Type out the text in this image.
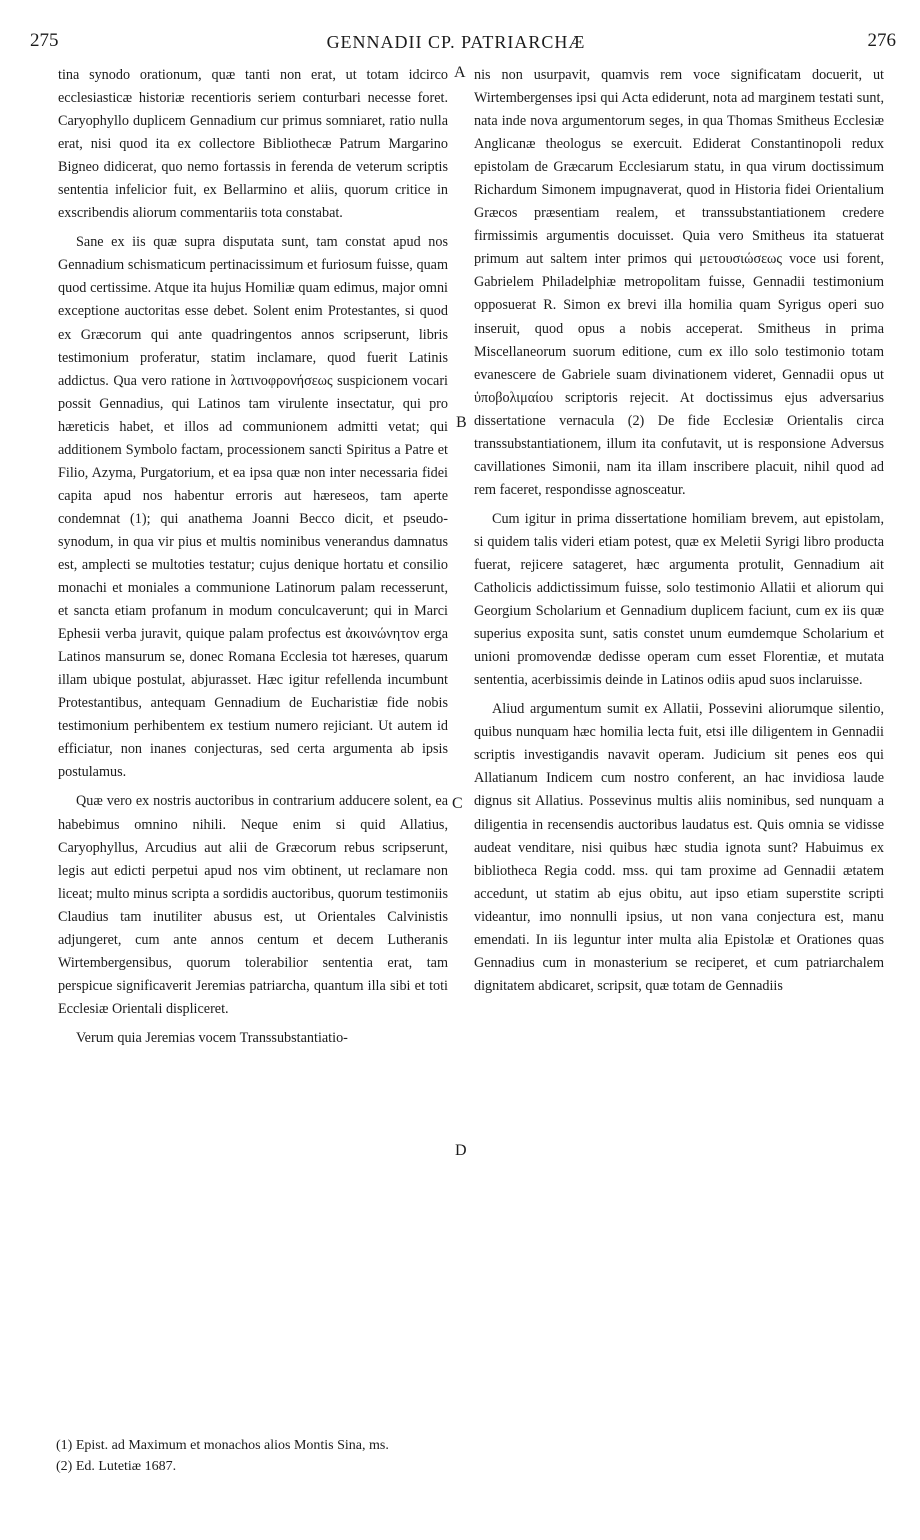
275	GENNADII CP. PATRIARCHÆ	276

tina synodo orationum, quæ tanti non erat, ut totam idcirco ecclesiasticæ historiæ recentioris seriem conturbari necesse foret. Caryophyllo duplicem Gennadium cur primus somniaret, ratio nulla erat, nisi quod ita ex collectore Bibliothecæ Patrum Margarino Bigneo didicerat, quo nemo fortassis in ferenda de veterum scriptis sententia infelicior fuit, ex Bellarmino et aliis, quorum critice in exscribendis aliorum commentariis tota constabat.

Sane ex iis quæ supra disputata sunt, tam constat apud nos Gennadium schismaticum pertinacissimum et furiosum fuisse, quam quod certissime. Atque ita hujus Homiliæ quam edimus, major omni exceptione auctoritas esse debet. Solent enim Protestantes, si quod ex Græcorum qui ante quadringentos annos scripserunt, libris testimonium proferatur, statim inclamare, quod fuerit Latinis addictus. Qua vero ratione in λατινοφρονήσεως suspicionem vocari possit Gennadius, qui Latinos tam virulente insectatur, qui pro hæreticis habet, et illos ad communionem admitti vetat; qui additionem Symbolo factam, processionem sancti Spiritus a Patre et Filio, Azyma, Purgatorium, et ea ipsa quæ non inter necessaria fidei capita apud nos habentur erroris aut hæreseos, tam aperte condemnat (1); qui anathema Joanni Becco dicit, et pseudo-synodum, in qua vir pius et multis nominibus venerandus damnatus est, amplecti se multoties testatur; cujus denique hortatu et consilio monachi et moniales a communione Latinorum palam recesserunt, et sancta etiam profanum in modum conculcaverunt; qui in Marci Ephesii verba juravit, quique palam profectus est ἀκοινώνητον erga Latinos mansurum se, donec Romana Ecclesia tot hæreses, quarum illam ubique postulat, abjurasset. Hæc igitur refellenda incumbunt Protestantibus, antequam Gennadium de Eucharistiæ fide nobis testimonium perhibentem ex testium numero rejiciant. Ut autem id efficiatur, non inanes conjecturas, sed certa argumenta ab ipsis postulamus.

Quæ vero ex nostris auctoribus in contrarium adducere solent, ea habebimus omnino nihili. Neque enim si quid Allatius, Caryophyllus, Arcudius aut alii de Græcorum rebus scripserunt, legis aut edicti perpetui apud nos vim obtinent, ut reclamare non liceat; multo minus scripta a sordidis auctoribus, quorum testimoniis Claudius tam inutiliter abusus est, ut Orientales Calvinistis adjungeret, cum ante annos centum et decem Lutheranis Wirtembergensibus, quorum tolerabilior sententia erat, tam perspicue significaverit Jeremias patriarcha, quantum illa sibi et toti Ecclesiæ Orientali displiceret.

Verum quia Jeremias vocem Transsubstantiatio-

A
B
C
D

nis non usurpavit, quamvis rem voce significatam docuerit, ut Wirtembergenses ipsi qui Acta ediderunt, nota ad marginem testati sunt, nata inde nova argumentorum seges, in qua Thomas Smitheus Ecclesiæ Anglicanæ theologus se exercuit. Ediderat Constantinopoli redux epistolam de Græcarum Ecclesiarum statu, in qua virum doctissimum Richardum Simonem impugnaverat, quod in Historia fidei Orientalium Græcos præsentiam realem, et transsubstantiationem credere firmissimis argumentis docuisset. Quia vero Smitheus ita statuerat primum aut saltem inter primos qui μετουσιώσεως voce usi forent, Gabrielem Philadelphiæ metropolitam fuisse, Gennadii testimonium opposuerat R. Simon ex brevi illa homilia quam Syrigus operi suo inseruit, quod opus a nobis acceperat. Smitheus in prima Miscellaneorum suorum editione, cum ex illo solo testimonio totam evanescere de Gabriele suam divinationem videret, Gennadii opus ut ὑποβολιμαίου scriptoris rejecit. At doctissimus ejus adversarius dissertatione vernacula (2) De fide Ecclesiæ Orientalis circa transsubstantiationem, illum ita confutavit, ut is responsione Adversus cavillationes Simonii, nam ita illam inscribere placuit, nihil quod ad rem faceret, respondisse agnosceatur.

Cum igitur in prima dissertatione homiliam brevem, aut epistolam, si quidem talis videri etiam potest, quæ ex Meletii Syrigi libro producta fuerat, rejicere satageret, hæc argumenta protulit, Gennadium ait Catholicis addictissimum fuisse, solo testimonio Allatii et aliorum qui Georgium Scholarium et Gennadium duplicem faciunt, cum ex iis quæ superius exposita sunt, satis constet unum eumdemque Scholarium et unioni promovendæ dedisse operam cum esset Florentiæ, et mutata sententia, acerbissimis deinde in Latinos odiis apud suos inclaruisse.

Aliud argumentum sumit ex Allatii, Possevini aliorumque silentio, quibus nunquam hæc homilia lecta fuit, etsi ille diligentem in Gennadii scriptis investigandis navavit operam. Judicium sit penes eos qui Allatianum Indicem cum nostro conferent, an hac invidiosa laude dignus sit Allatius. Possevinus multis aliis nominibus, sed nunquam a diligentia in recensendis auctoribus laudatus est. Quis omnia se vidisse audeat venditare, nisi quibus hæc studia ignota sunt? Habuimus ex bibliotheca Regia codd. mss. qui tam proxime ad Gennadii ætatem accedunt, ut statim ab ejus obitu, aut ipso etiam superstite scripti videantur, imo nonnulli ipsius, ut non vana conjectura est, manu emendati. In iis leguntur inter multa alia Epistolæ et Orationes quas Gennadius cum in monasterium se reciperet, et cum patriarchalem dignitatem abdicaret, scripsit, quæ totam de Gennadiis

(1) Epist. ad Maximum et monachos alios Montis Sina, ms.
(2) Ed. Lutetiæ 1687.
